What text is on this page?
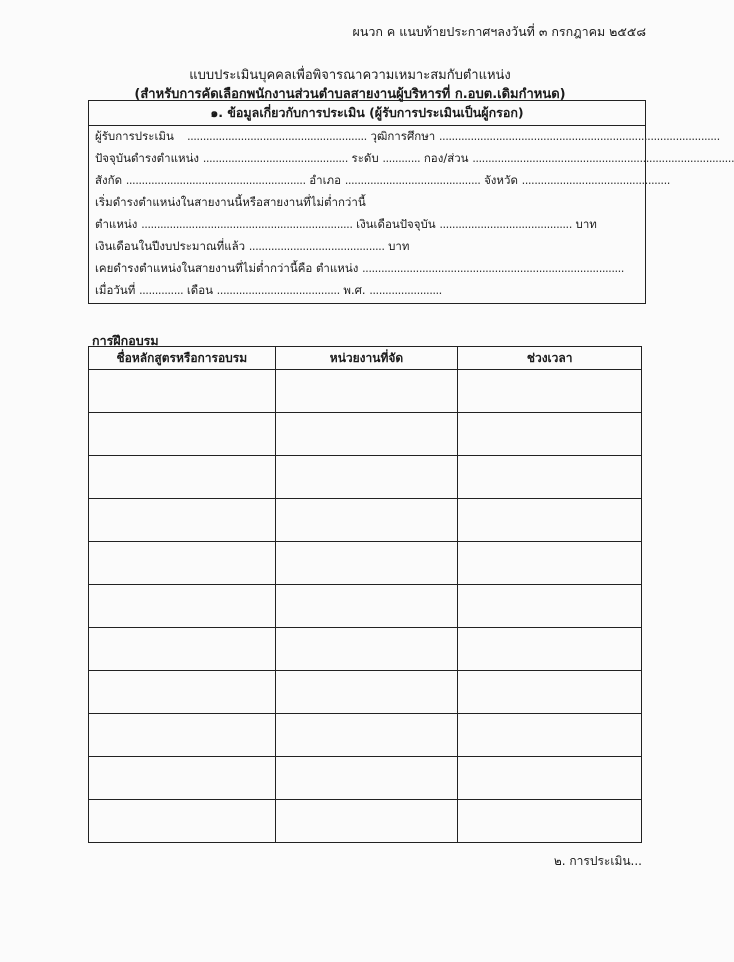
ผนวก ค แนบท้ายประกาศฯลงวันที่ ๓ กรกฎาคม ๒๕๕๘
แบบประเมินบุคคลเพื่อพิจารณาความเหมาะสมกับตำแหน่ง
(สำหรับการคัดเลือกพนักงานส่วนตำบลสายงานผู้บริหารที่ ก.อบต.เดิมกำหนด)
๑. ข้อมูลเกี่ยวกับการประเมิน (ผู้รับการประเมินเป็นผู้กรอก)
ผู้รับการประเมิน    ......................................................... วุฒิการศึกษา .........................................................................................
ปัจจุบันดำรงตำแหน่ง .............................................. ระดับ ............ กอง/ส่วน ...................................................................................
สังกัด ......................................................... อำเภอ ........................................... จังหวัด ...............................................
เริ่มดำรงตำแหน่งในสายงานนี้หรือสายงานที่ไม่ต่ำกว่านี้
ตำแหน่ง ................................................................... เงินเดือนปัจจุบัน .......................................... บาท
เงินเดือนในปีงบประมาณที่แล้ว ........................................... บาท
เคยดำรงตำแหน่งในสายงานที่ไม่ต่ำกว่านี้คือ ตำแหน่ง ...................................................................................
เมื่อวันที่ .............. เดือน ....................................... พ.ศ. .......................
การฝึกอบรม
ชื่อหลักสูตรหรือการอบรม	หน่วยงานที่จัด	ช่วงเวลา

๒. การประเมิน...
